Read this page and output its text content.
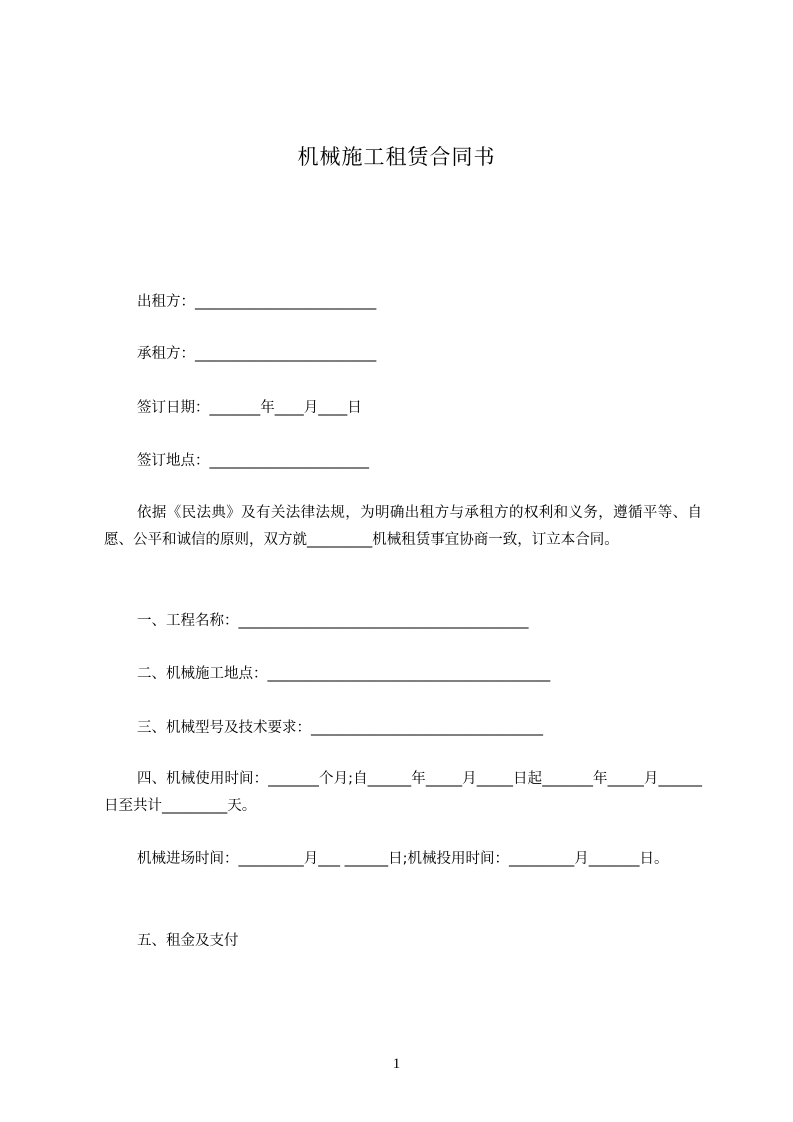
机械施工租赁合同书
出租方：_________________________
承租方：_________________________
签订日期：_______年____月____日
签订地点：______________________
依据《民法典》及有关法律法规，为明确出租方与承租方的权利和义务，遵循平等、自愿、公平和诚信的原则，双方就_________机械租赁事宜协商一致，订立本合同。
一、工程名称：________________________________________
二、机械施工地点：_______________________________________
三、机械型号及技术要求：________________________________
四、机械使用时间：_______个月;自______年_____月_____日起_______年_____月______日至共计_________天。
机械进场时间：_________月___ ______日;机械投用时间：_________月_______日。
五、租金及支付
1
